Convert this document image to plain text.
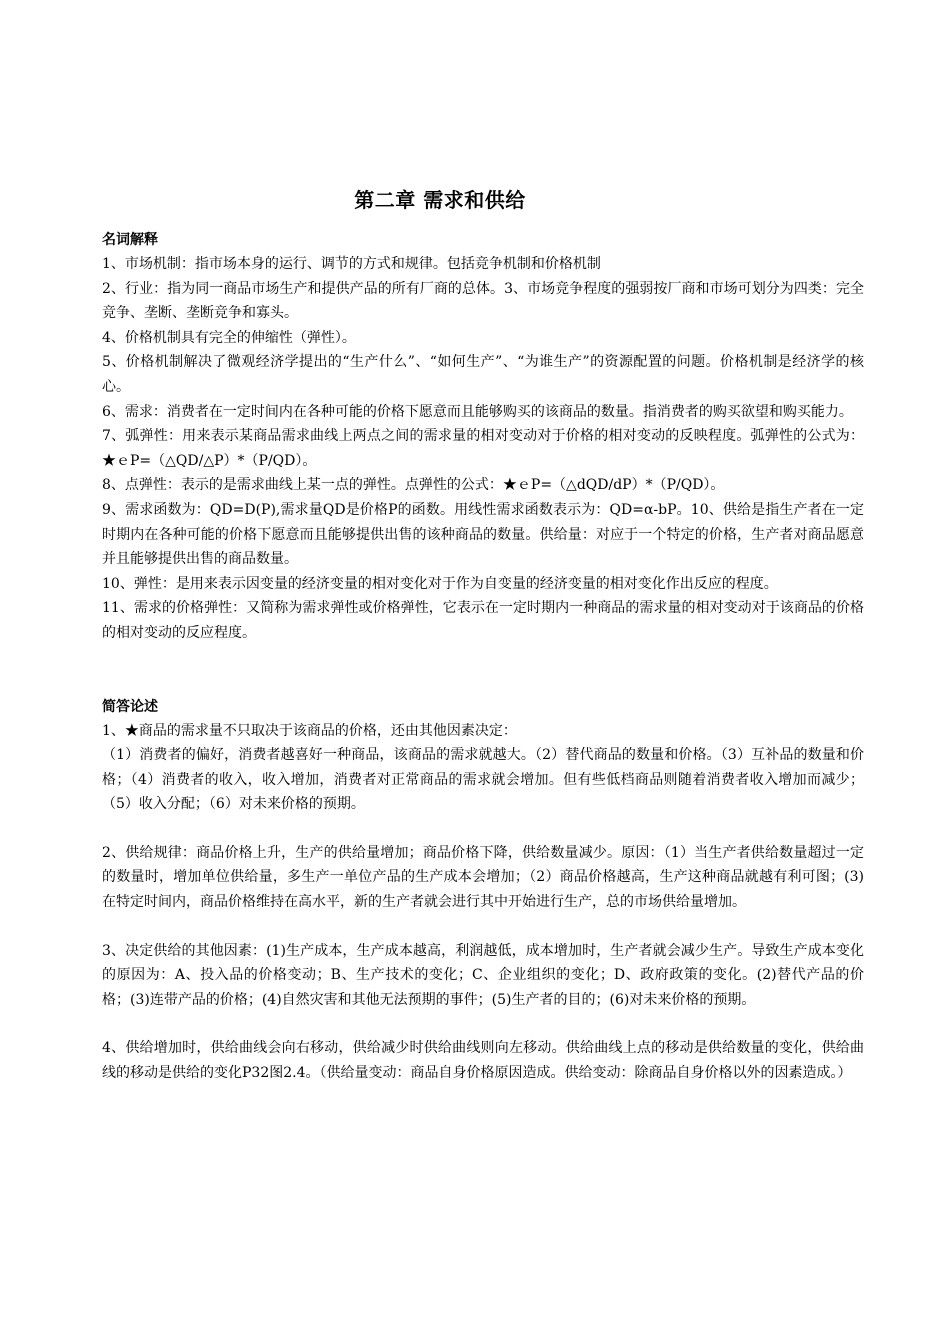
第二章 需求和供给
名词解释
1、市场机制：指市场本身的运行、调节的方式和规律。包括竞争机制和价格机制
2、行业：指为同一商品市场生产和提供产品的所有厂商的总体。3、市场竞争程度的强弱按厂商和市场可划分为四类：完全竞争、垄断、垄断竞争和寡头。
4、价格机制具有完全的伸缩性（弹性）。
5、价格机制解决了微观经济学提出的“生产什么”、“如何生产”、“为谁生产”的资源配置的问题。价格机制是经济学的核心。
6、需求：消费者在一定时间内在各种可能的价格下愿意而且能够购买的该商品的数量。指消费者的购买欲望和购买能力。
7、弧弹性：用来表示某商品需求曲线上两点之间的需求量的相对变动对于价格的相对变动的反映程度。弧弹性的公式为：★ｅP=（△QD/△P）*（P/QD）。
8、点弹性：表示的是需求曲线上某一点的弹性。点弹性的公式：★ｅP=（△dQD/dP）*（P/QD）。
9、需求函数为：QD=D(P),需求量QD是价格P的函数。用线性需求函数表示为：QD=α-bP。10、供给是指生产者在一定时期内在各种可能的价格下愿意而且能够提供出售的该种商品的数量。供给量：对应于一个特定的价格，生产者对商品愿意并且能够提供出售的商品数量。
10、弹性：是用来表示因变量的经济变量的相对变化对于作为自变量的经济变量的相对变化作出反应的程度。
11、需求的价格弹性：又简称为需求弹性或价格弹性，它表示在一定时期内一种商品的需求量的相对变动对于该商品的价格的相对变动的反应程度。
简答论述
1、★商品的需求量不只取决于该商品的价格，还由其他因素决定：
（1）消费者的偏好，消费者越喜好一种商品，该商品的需求就越大。（2）替代商品的数量和价格。（3）互补品的数量和价格；（4）消费者的收入，收入增加，消费者对正常商品的需求就会增加。但有些低档商品则随着消费者收入增加而减少；（5）收入分配；（6）对未来价格的预期。
2、供给规律：商品价格上升，生产的供给量增加；商品价格下降，供给数量减少。原因：（1）当生产者供给数量超过一定的数量时，增加单位供给量，多生产一单位产品的生产成本会增加；（2）商品价格越高，生产这种商品就越有利可图；(3)在特定时间内，商品价格维持在高水平，新的生产者就会进行其中开始进行生产，总的市场供给量增加。
3、决定供给的其他因素：(1)生产成本，生产成本越高，利润越低，成本增加时，生产者就会减少生产。导致生产成本变化的原因为：A、投入品的价格变动；B、生产技术的变化；C、企业组织的变化；D、政府政策的变化。(2)替代产品的价格；(3)连带产品的价格；(4)自然灾害和其他无法预期的事件；(5)生产者的目的；(6)对未来价格的预期。
4、供给增加时，供给曲线会向右移动，供给减少时供给曲线则向左移动。供给曲线上点的移动是供给数量的变化，供给曲线的移动是供给的变化P32图2.4。（供给量变动：商品自身价格原因造成。供给变动：除商品自身价格以外的因素造成。）
